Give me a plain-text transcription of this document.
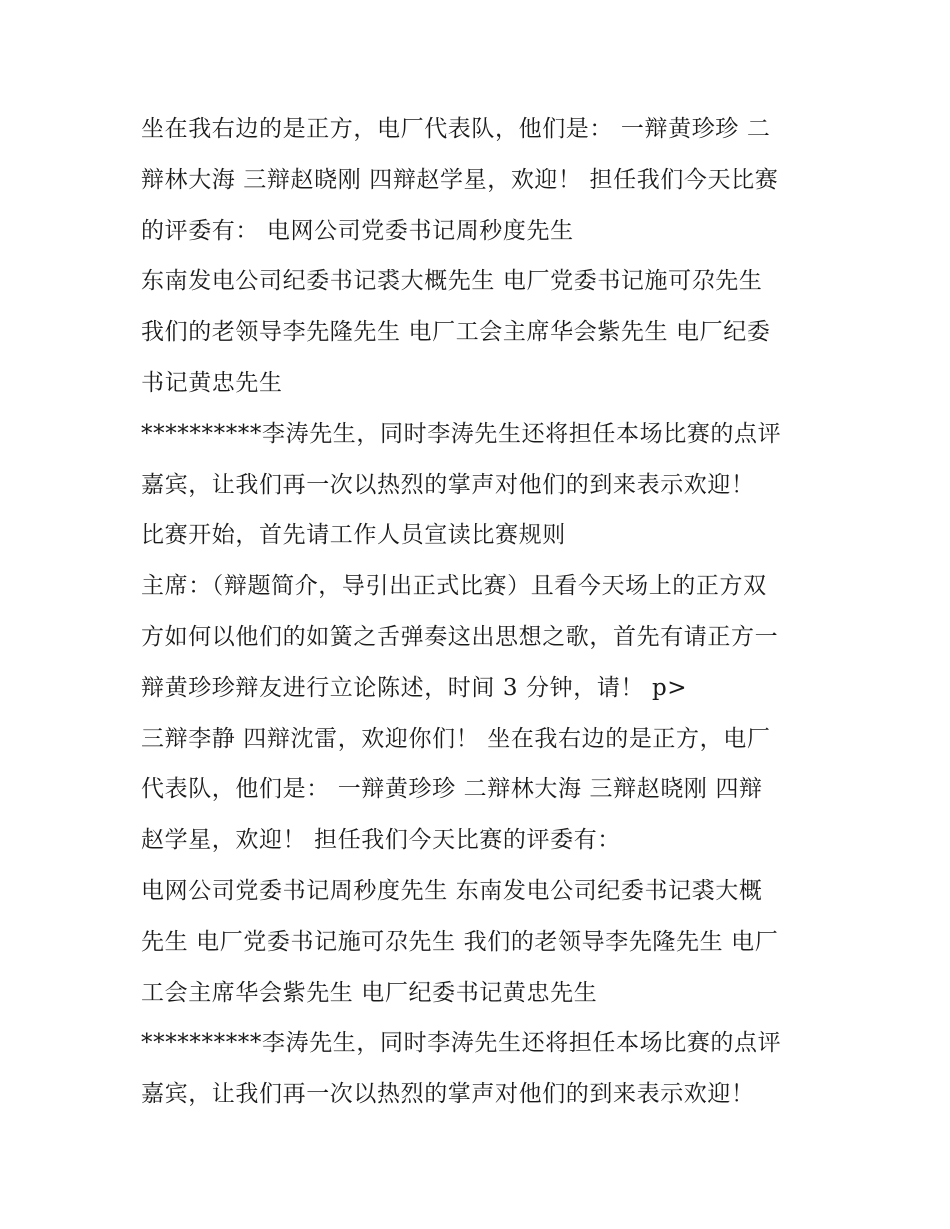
坐在我右边的是正方，电厂代表队，他们是： 一辩黄珍珍 二

辩林大海 三辩赵晓刚 四辩赵学星，欢迎！ 担任我们今天比赛

的评委有： 电网公司党委书记周秒度先生

东南发电公司纪委书记裘大概先生 电厂党委书记施可尕先生

我们的老领导李先隆先生 电厂工会主席华会紫先生 电厂纪委

书记黄忠先生

**********李涛先生，同时李涛先生还将担任本场比赛的点评

嘉宾，让我们再一次以热烈的掌声对他们的到来表示欢迎！

比赛开始，首先请工作人员宣读比赛规则

主席：（辩题简介，导引出正式比赛）且看今天场上的正方双

方如何以他们的如簧之舌弹奏这出思想之歌，首先有请正方一

辩黄珍珍辩友进行立论陈述，时间 3 分钟，请！ p>

三辩李静 四辩沈雷，欢迎你们！ 坐在我右边的是正方，电厂

代表队，他们是： 一辩黄珍珍 二辩林大海 三辩赵晓刚 四辩

赵学星，欢迎！ 担任我们今天比赛的评委有：

电网公司党委书记周秒度先生 东南发电公司纪委书记裘大概

先生 电厂党委书记施可尕先生 我们的老领导李先隆先生 电厂

工会主席华会紫先生 电厂纪委书记黄忠先生

**********李涛先生，同时李涛先生还将担任本场比赛的点评

嘉宾，让我们再一次以热烈的掌声对他们的到来表示欢迎！
